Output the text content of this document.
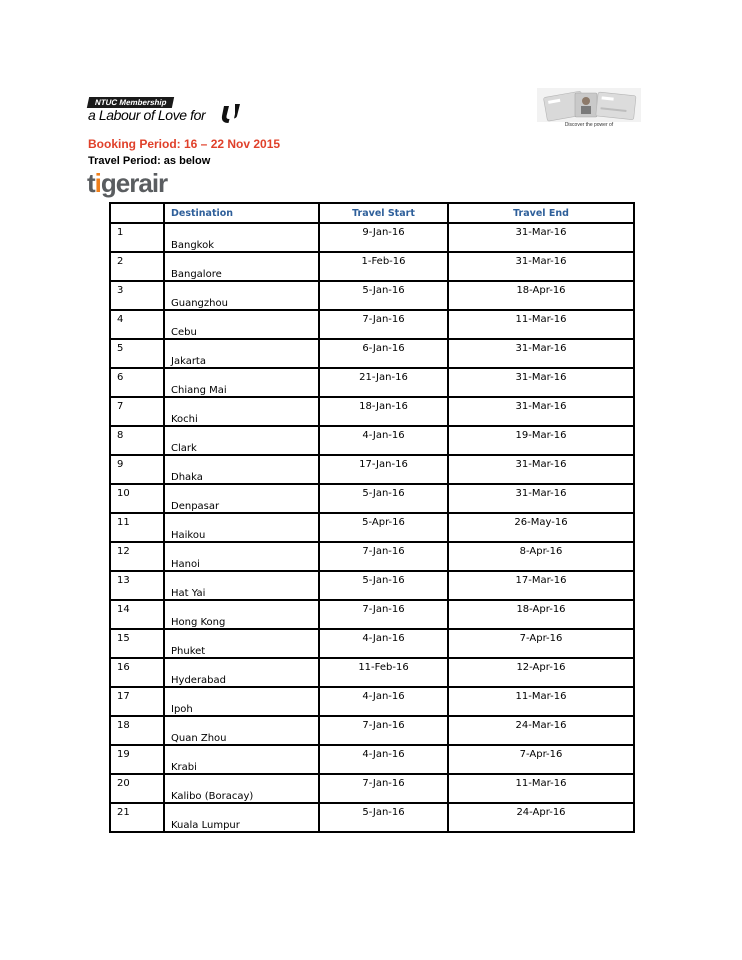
NTUC Membership
a Labour of Love for
Discover the power of
Booking Period: 16 – 22 Nov 2015
Travel Period: as below
tigerair
	Destination	Travel Start	Travel End

1	Bangkok	9-Jan-16	31-Mar-16

2	Bangalore	1-Feb-16	31-Mar-16

3	Guangzhou	5-Jan-16	18-Apr-16

4	Cebu	7-Jan-16	11-Mar-16

5	Jakarta	6-Jan-16	31-Mar-16

6	Chiang Mai	21-Jan-16	31-Mar-16

7	Kochi	18-Jan-16	31-Mar-16

8	Clark	4-Jan-16	19-Mar-16

9	Dhaka	17-Jan-16	31-Mar-16

10	Denpasar	5-Jan-16	31-Mar-16

11	Haikou	5-Apr-16	26-May-16

12	Hanoi	7-Jan-16	8-Apr-16

13	Hat Yai	5-Jan-16	17-Mar-16

14	Hong Kong	7-Jan-16	18-Apr-16

15	Phuket	4-Jan-16	7-Apr-16

16	Hyderabad	11-Feb-16	12-Apr-16

17	Ipoh	4-Jan-16	11-Mar-16

18	Quan Zhou	7-Jan-16	24-Mar-16

19	Krabi	4-Jan-16	7-Apr-16

20	Kalibo (Boracay)	7-Jan-16	11-Mar-16

21	Kuala Lumpur	5-Jan-16	24-Apr-16
